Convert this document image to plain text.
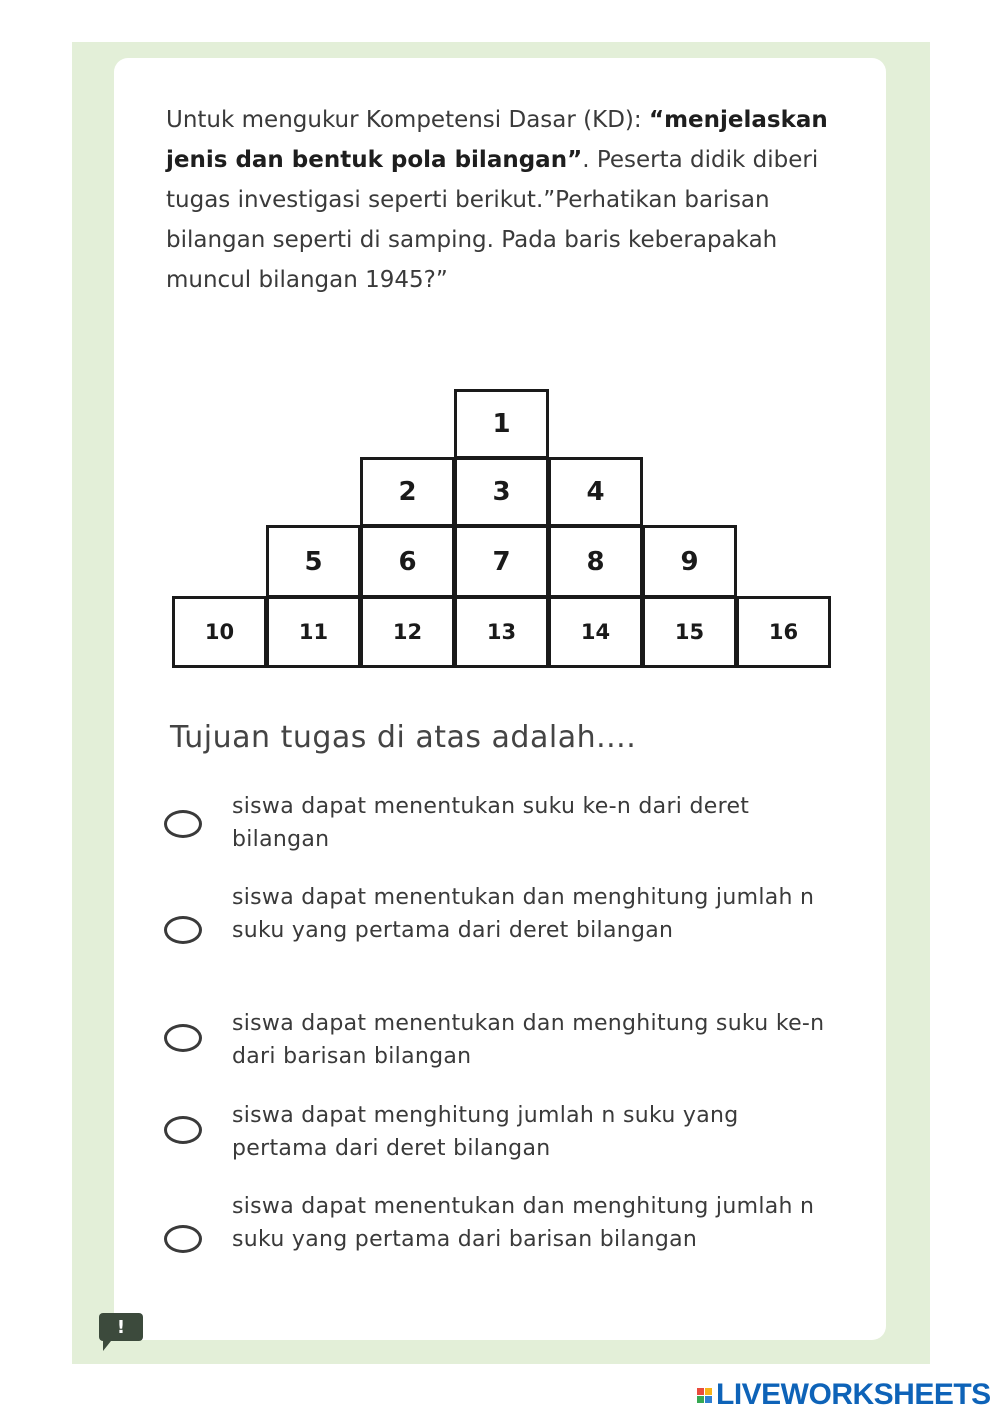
Untuk mengukur Kompetensi Dasar (KD): “menjelaskan jenis dan bentuk pola bilangan”. Peserta didik diberi tugas investigasi seperti berikut.”Perhatikan barisan bilangan seperti di samping. Pada baris keberapakah muncul bilangan 1945?”

1
2	3	4
5	6	7	8	9
10	11	12	13	14	15	16

Tujuan tugas di atas adalah....

siswa dapat menentukan suku ke-n dari deret bilangan
siswa dapat menentukan dan menghitung jumlah n suku yang pertama dari deret bilangan
siswa dapat menentukan dan menghitung suku ke-n dari barisan bilangan
siswa dapat menghitung jumlah n suku yang pertama dari deret bilangan
siswa dapat menentukan dan menghitung jumlah n suku yang pertama dari barisan bilangan
!
LIVEWORKSHEETS
